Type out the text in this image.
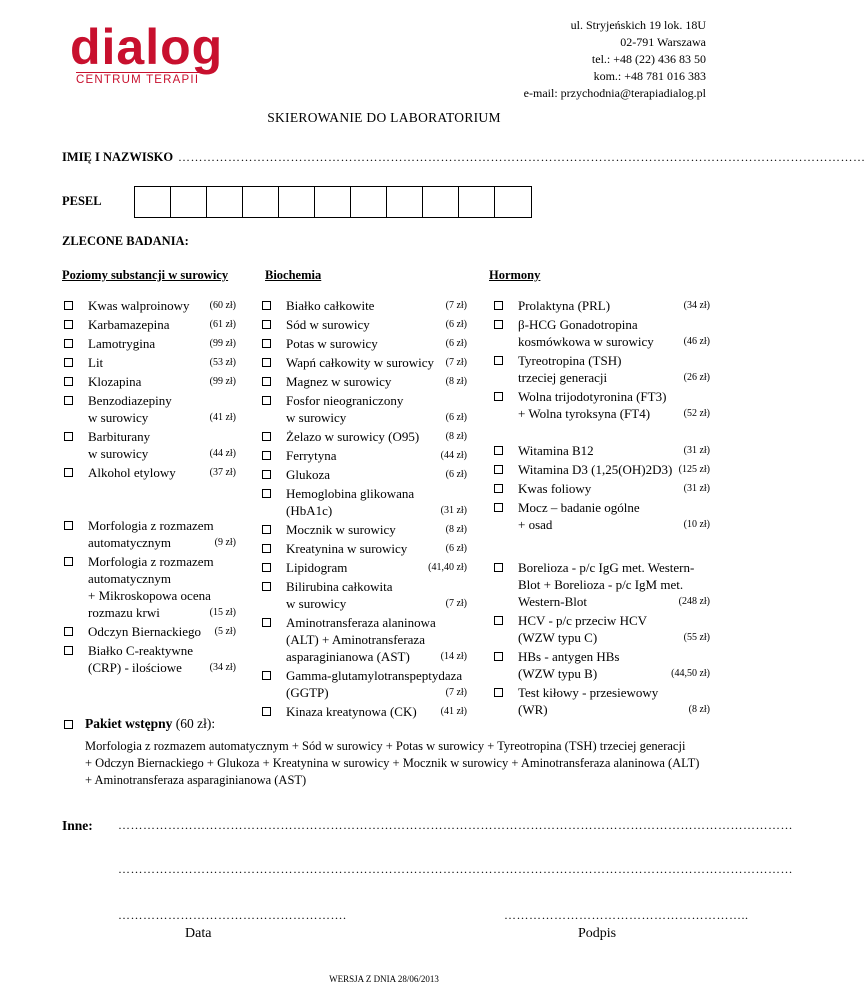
dialog
CENTRUM TERAPII
ul. Stryjeńskich 19 lok. 18U
02-791 Warszawa
tel.: +48 (22) 436 83 50
kom.: +48 781 016 383
e-mail: przychodnia@terapiadialog.pl
SKIEROWANIE DO LABORATORIUM
IMIĘ I NAZWISKO …………………………………………………………………………………………………………………………………………………
PESEL
ZLECONE BADANIA:
Poziomy substancji w surowicy	Biochemia	Hormony
Kwas walproinowy (60 zł)
Karbamazepina	(61 zł)
Lamotrygina	(99 zł)
Lit	(53 zł)
Klozapina	(99 zł)
Benzodiazepiny
w surowicy	(41 zł)
Barbiturany
w surowicy	(44 zł)
Alkohol etylowy	(37 zł)
Morfologia z rozmazem
automatycznym	(9 zł)
Morfologia z rozmazem
automatycznym
+ Mikroskopowa ocena
rozmazu krwi	(15 zł)
Odczyn Biernackiego (5 zł)
Białko C-reaktywne
(CRP) - ilościowe	(34 zł)
Białko całkowite	(7 zł)
Sód w surowicy	(6 zł)
Potas w surowicy	(6 zł)
Wapń całkowity w surowicy (7 zł)
Magnez w surowicy	(8 zł)
Fosfor nieograniczony
w surowicy	(6 zł)
Żelazo w surowicy (O95)	(8 zł)
Ferrytyna	(44 zł)
Glukoza	(6 zł)
Hemoglobina glikowana
(HbA1c)	(31 zł)
Mocznik w surowicy	(8 zł)
Kreatynina w surowicy	(6 zł)
Lipidogram	(41,40 zł)
Bilirubina całkowita
w surowicy	(7 zł)
Aminotransferaza alaninowa
(ALT) + Aminotransferaza
asparaginianowa (AST)	(14 zł)
Gamma-glutamylotranspeptydaza
(GGTP)	(7 zł)
Kinaza kreatynowa (CK) (41 zł)
Prolaktyna (PRL)	(34 zł)
β-HCG Gonadotropina
kosmówkowa w surowicy	(46 zł)
Tyreotropina (TSH)
trzeciej generacji	(26 zł)
Wolna trijodotyronina (FT3)
+ Wolna tyroksyna (FT4)	(52 zł)
Witamina B12	(31 zł)
Witamina D3 (1,25(OH)2D3) (125 zł)
Kwas foliowy	(31 zł)
Mocz – badanie ogólne
+ osad	(10 zł)
Borelioza - p/c IgG met. Western-
Blot + Borelioza - p/c IgM met.
Western-Blot	(248 zł)
HCV - p/c przeciw HCV
(WZW typu C)	(55 zł)
HBs - antygen HBs
(WZW typu B)	(44,50 zł)
Test kiłowy - przesiewowy
(WR)	(8 zł)
Pakiet wstępny (60 zł):
Morfologia z rozmazem automatycznym + Sód w surowicy + Potas w surowicy + Tyreotropina (TSH) trzeciej generacji
+ Odczyn Biernackiego + Glukoza + Kreatynina w surowicy + Mocznik w surowicy + Aminotransferaza alaninowa (ALT)
+ Aminotransferaza asparaginianowa (AST)
Inne: ………………………………………………………………………………………………………………………………………………
………………………………………………………………………………………………………………………………………………
……………………………………………….
Data
…………………………………………………..
Podpis
WERSJA Z DNIA 28/06/2013
